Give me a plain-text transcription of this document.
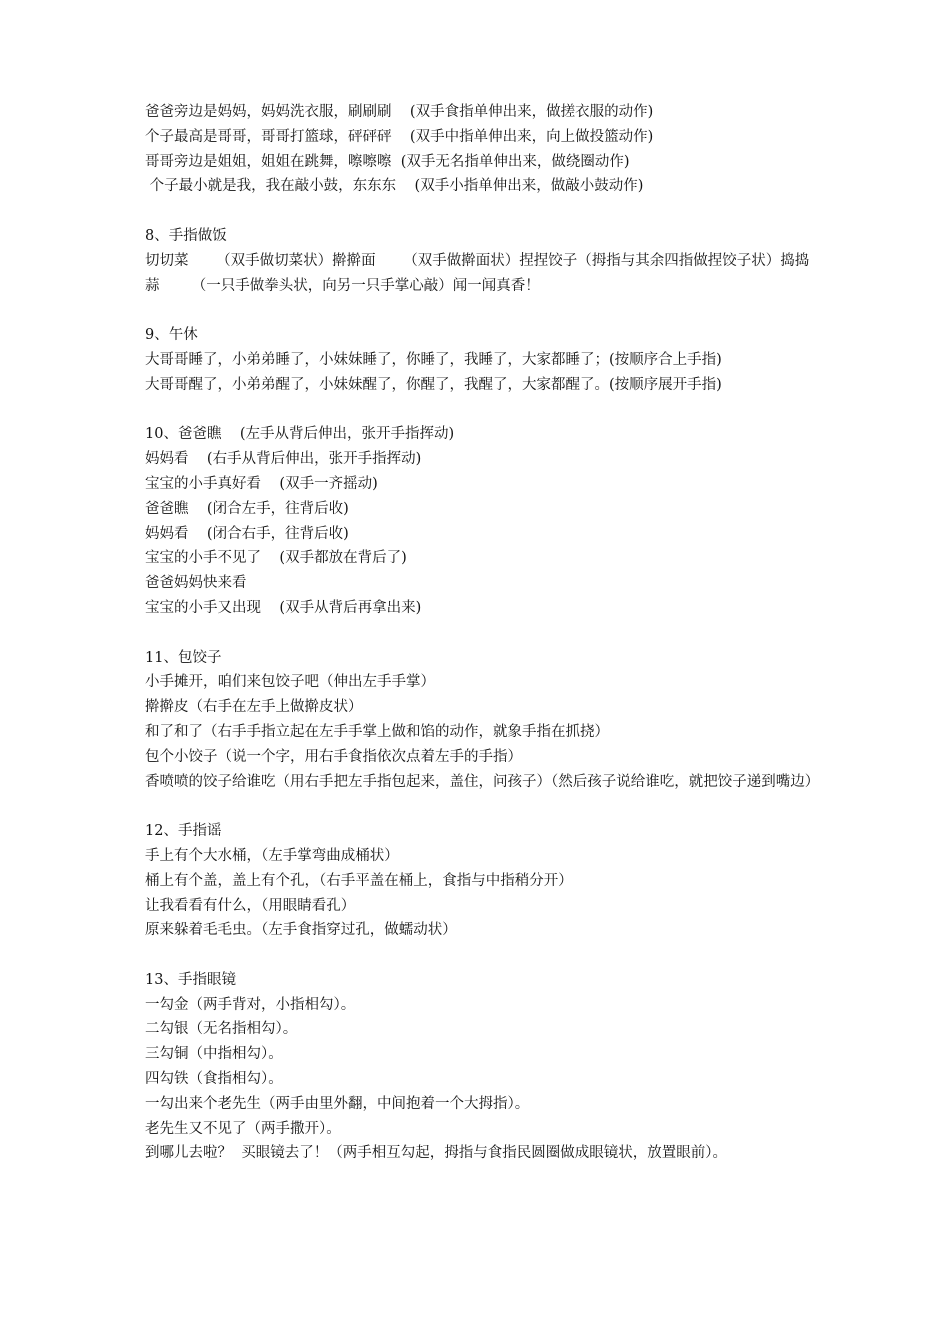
爸爸旁边是妈妈，妈妈洗衣服，刷刷刷    (双手食指单伸出来，做搓衣服的动作)

个子最高是哥哥，哥哥打篮球，砰砰砰    (双手中指单伸出来，向上做投篮动作)

哥哥旁边是姐姐，姐姐在跳舞，嚓嚓嚓  (双手无名指单伸出来，做绕圈动作)

个子最小就是我，我在敲小鼓，东东东    (双手小指单伸出来，做敲小鼓动作)

8、手指做饭

切切菜      （双手做切菜状）擀擀面      （双手做擀面状）捏捏饺子（拇指与其余四指做捏饺子状）捣捣蒜       （一只手做拳头状，向另一只手掌心敲）闻一闻真香！

9、午休

大哥哥睡了，小弟弟睡了，小妹妹睡了，你睡了，我睡了，大家都睡了；(按顺序合上手指)

大哥哥醒了，小弟弟醒了，小妹妹醒了，你醒了，我醒了，大家都醒了。(按顺序展开手指)

10、爸爸瞧    (左手从背后伸出，张开手指挥动)

妈妈看    (右手从背后伸出，张开手指挥动)

宝宝的小手真好看    (双手一齐摇动)

爸爸瞧    (闭合左手，往背后收)

妈妈看    (闭合右手，往背后收)

宝宝的小手不见了    (双手都放在背后了)

爸爸妈妈快来看

宝宝的小手又出现    (双手从背后再拿出来)

11、包饺子

小手摊开，咱们来包饺子吧（伸出左手手掌）

擀擀皮（右手在左手上做擀皮状）

和了和了（右手手指立起在左手手掌上做和馅的动作，就象手指在抓挠）

包个小饺子（说一个字，用右手食指依次点着左手的手指）

香喷喷的饺子给谁吃（用右手把左手指包起来，盖住，问孩子）（然后孩子说给谁吃，就把饺子递到嘴边）

12、手指谣

手上有个大水桶，（左手掌弯曲成桶状）

桶上有个盖，盖上有个孔，（右手平盖在桶上，食指与中指稍分开）

让我看看有什么，（用眼睛看孔）

原来躲着毛毛虫。（左手食指穿过孔，做蠕动状）

13、手指眼镜

一勾金（两手背对，小指相勾）。

二勾银（无名指相勾）。

三勾铜（中指相勾）。

四勾铁（食指相勾）。

一勾出来个老先生（两手由里外翻，中间抱着一个大拇指）。

老先生又不见了（两手撒开）。

到哪儿去啦？  买眼镜去了！（两手相互勾起，拇指与食指民圆圈做成眼镜状，放置眼前）。
